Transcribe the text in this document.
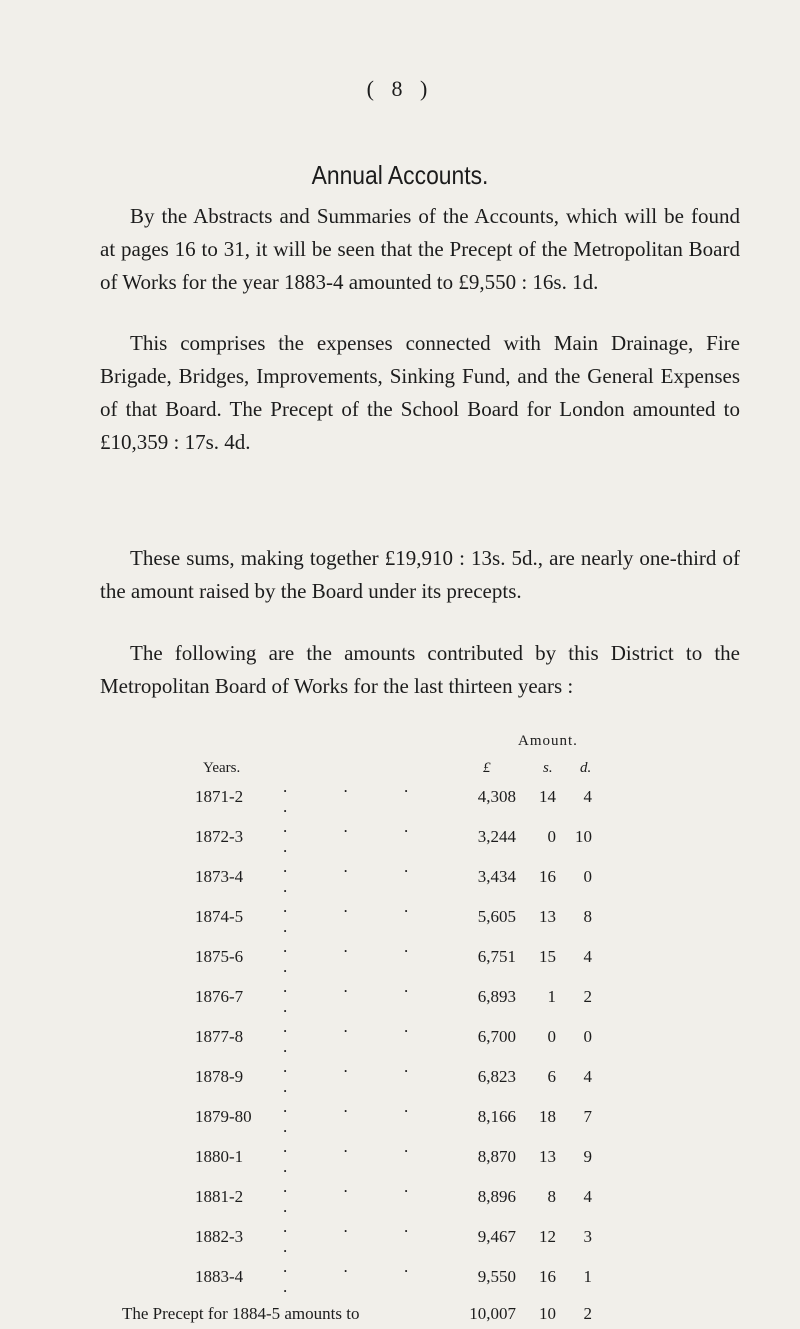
( 8 )
Annual Accounts.

By the Abstracts and Summaries of the Accounts, which will be found at pages 16 to 31, it will be seen that the Precept of the Metropolitan Board of Works for the year 1883-4 amounted to £9,550 : 16s. 1d.

This comprises the expenses connected with Main Drainage, Fire Brigade, Bridges, Improvements, Sinking Fund, and the General Expenses of that Board. The Precept of the School Board for London amounted to £10,359 : 17s. 4d.

These sums, making together £19,910 : 13s. 5d., are nearly one-third of the amount raised by the Board under its precepts.

The following are the amounts contributed by this District to the Metropolitan Board of Works for the last thirteen years :

Amount.
Years.	£	s. d.
1871-2	. . . .	4,308	14	4
1872-3	. . . .	3,244	0	10
1873-4	. . . .	3,434	16	0
1874-5	. . . .	5,605	13	8
1875-6	. . . .	6,751	15	4
1876-7	. . . .	6,893	1	2
1877-8	. . . .	6,700	0	0
1878-9	. . . .	6,823	6	4
1879-80	. . . .	8,166	18	7
1880-1	. . . .	8,870	13	9
1881-2	. . . .	8,896	8	4
1882-3	. . . .	9,467	12	3
1883-4	. . . .	9,550	16	1
The Precept for 1884-5 amounts to	10,007	10	2
